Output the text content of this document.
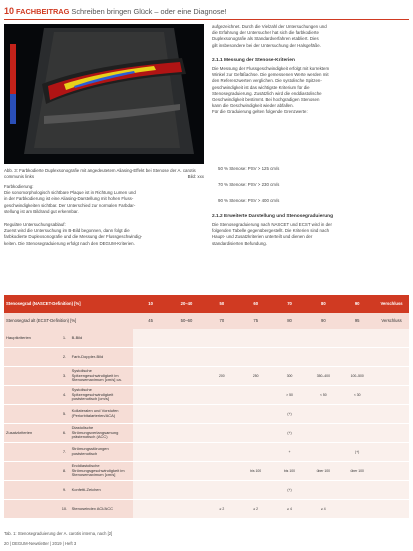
10 FACHBEITRAG Schreiben bringen Glück – oder eine Diagnose!
Abb. 3: Farbkodierte Duplexsonografie mit angedeutetem Aliasing-Effekt bei Stenose der A. carotis communis links	Bild: xxx

Farbkodierung:

Die sonomorphologisch sichtbare Plaque ist in Richtung Lumen und

in der Farbkodierung ist eine Aliasing-Darstellung mit hohen Fluss-

geschwindigkeiten sichtbar. Der Unterschied zur normalen Farbdar-

stellung ist am Bildrand gut erkennbar.

Reguläre Untersuchungsablauf:

Zuerst wird die Untersuchung im B-Bild begonnen, dann folgt die

farbkodierte Duplexsonografie und die Messung der Flussgeschwindig-

keiten. Die Stenosegraduierung erfolgt nach den DEGUM-Kriterien.

aufgezeichnet. Durch die Vielzahl der Untersuchungen und

die Erfahrung der Untersucher hat sich die farbkodierte

Duplexsonografie als Standardverfahren etabliert. Dies

gilt insbesondere bei der Untersuchung der Halsgefäße.

2.1.1 Messung der Stenose-Kriterien

Die Messung der Flussgeschwindigkeit erfolgt mit korrektem

Winkel zur Gefäßachse. Die gemessenen Werte werden mit

den Referenzwerten verglichen. Die systolische Spitzen-

geschwindigkeit ist das wichtigste Kriterium für die

Stenosegraduierung. Zusätzlich wird die enddiastolische

Geschwindigkeit bestimmt. Bei hochgradigen Stenosen

kann die Geschwindigkeit wieder abfallen.

Für die Graduierung gelten folgende Grenzwerte:

50 % Stenose: PSV > 125 cm/s
70 % Stenose: PSV > 230 cm/s
90 % Stenose: PSV > 400 cm/s
2.1.2 Erweiterte Darstellung und Stenosegraduierung

Die Stenosegraduierung nach NASCET und ECST wird in der

folgenden Tabelle gegenübergestellt. Die Kriterien sind nach

Haupt- und Zusatzkriterien unterteilt und dienen der

standardisierten Befundung.

Stenosegrad (NASCET-Definition) [%]			10	20–40	50	60	70	80	90	Verschluss
Stenosegrad alt (ECST-Definition) [%]			45	50–60	70	75	80	90	95	Verschluss
Hauptkriterien	1.	B-Bild								
	2.	Farb-Doppler-Bild								
	3.	Systolische Spitzengeschwindigkeit im Stenosemaximum [cm/s] ca.			200	250	300	350–400	100–500	
	4.	Systolische Spitzengeschwindigkeit poststenotisch [cm/s]					> 50	< 50	< 30	
	5.	Kollateralen und Vorstufen (Periorbitalarterien/ACA)					(+)			
Zusatzkriterien	6.	Diastolische Strömungsverlangsamung prästenotisch (ACC)					(+)			
	7.	Strömungsstörungen poststenotisch					+		(+)	
	8.	Enddiastolische Strömungsgeschwindigkeit im Stenosemaximum [cm/s]				bis 100	bis 100	über 100	über 100	
	9.	Konfetti-Zeichen					(+)			
	10.	Stenoseindex ACI/ACC			≥ 2	≥ 2	≥ 4	≥ 4		
Tab. 1: Stenosegraduierung der A. carotis interna, nach [2]
20 | DEGUM-Newsletter | 2019 | Heft 3
